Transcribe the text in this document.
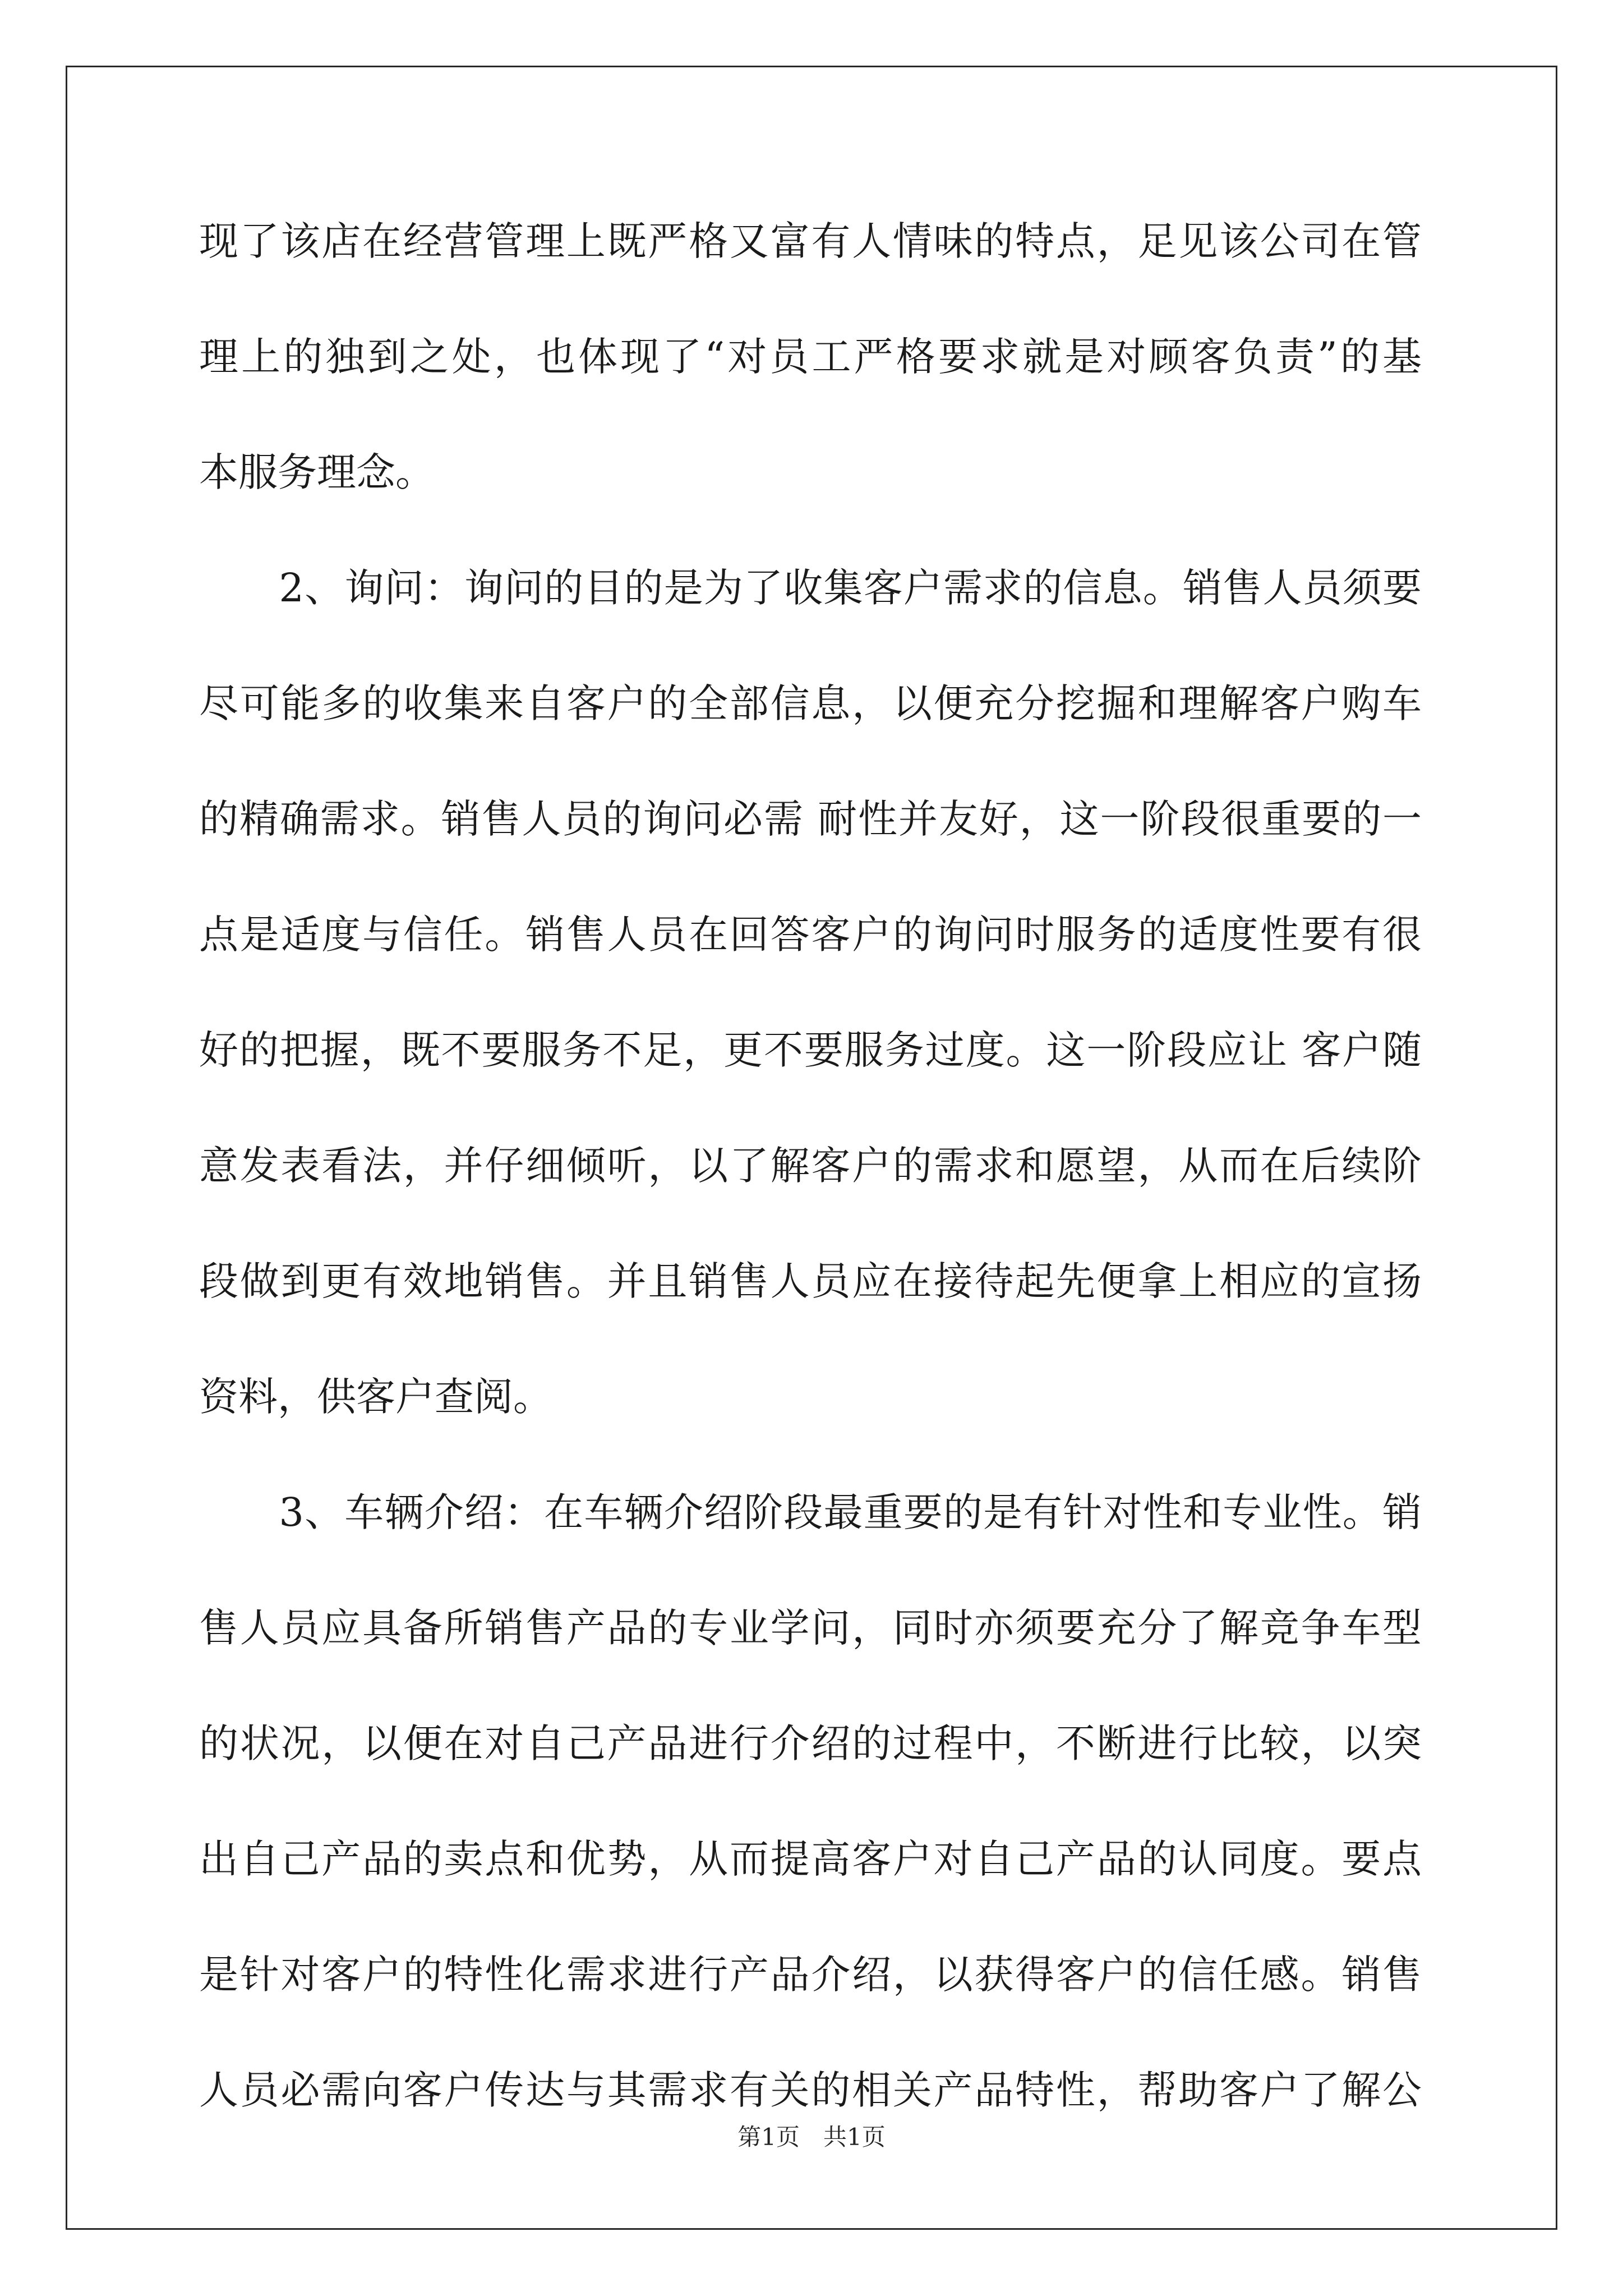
现了该店在经营管理上既严格又富有人情味的特点，足见该公司在管
理上的独到之处，也体现了“对员工严格要求就是对顾客负责”的基
本服务理念。
　　2、询问：询问的目的是为了收集客户需求的信息。销售人员须要
尽可能多的收集来自客户的全部信息，以便充分挖掘和理解客户购车
的精确需求。销售人员的询问必需 耐性并友好，这一阶段很重要的一
点是适度与信任。销售人员在回答客户的询问时服务的适度性要有很
好的把握，既不要服务不足，更不要服务过度。这一阶段应让 客户随
意发表看法，并仔细倾听，以了解客户的需求和愿望，从而在后续阶
段做到更有效地销售。并且销售人员应在接待起先便拿上相应的宣扬
资料，供客户查阅。
　　3、车辆介绍：在车辆介绍阶段最重要的是有针对性和专业性。销
售人员应具备所销售产品的专业学问，同时亦须要充分了解竞争车型
的状况，以便在对自己产品进行介绍的过程中，不断进行比较，以突
出自己产品的卖点和优势，从而提高客户对自己产品的认同度。要点
是针对客户的特性化需求进行产品介绍，以获得客户的信任感。销售
人员必需向客户传达与其需求有关的相关产品特性，帮助客户了解公
第1页　共1页
